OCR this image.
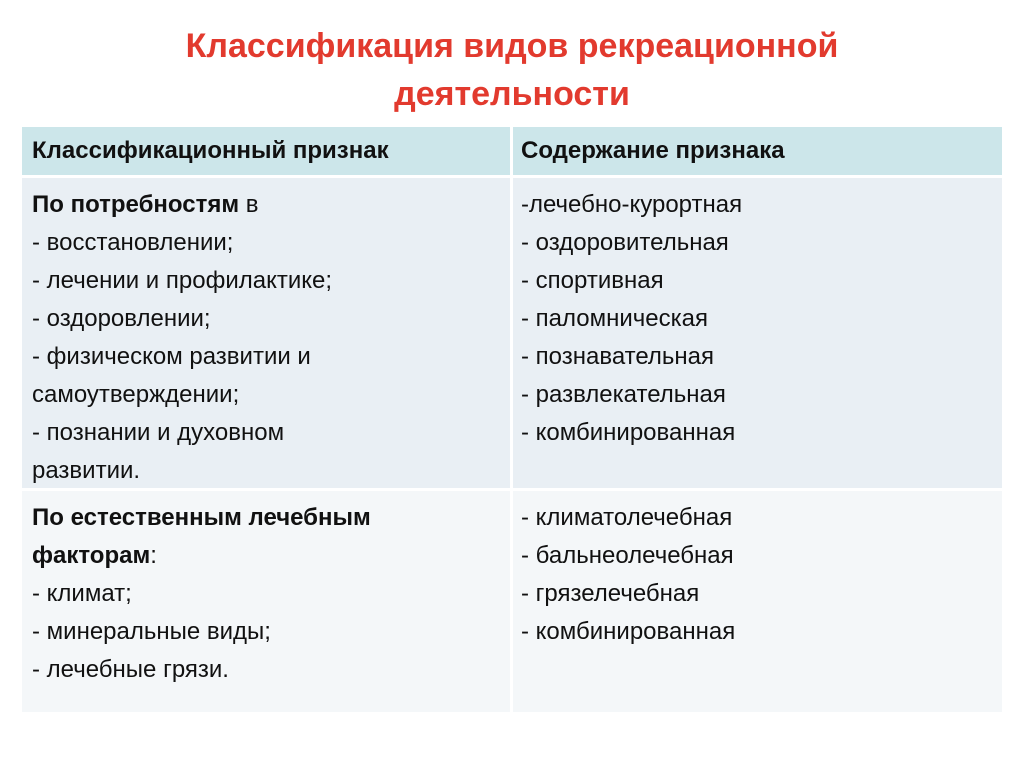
Классификация видов рекреационной
деятельности
Классификационный признак	Содержание признака
По потребностям в
- восстановлении;
- лечении и профилактике;
- оздоровлении;
- физическом развитии и
самоутверждении;
- познании и духовном
развитии.
-лечебно-курортная
- оздоровительная
- спортивная
- паломническая
- познавательная
- развлекательная
- комбинированная
По естественным лечебным
факторам:
- климат;
- минеральные виды;
- лечебные грязи.
- климатолечебная
- бальнеолечебная
- грязелечебная
- комбинированная
